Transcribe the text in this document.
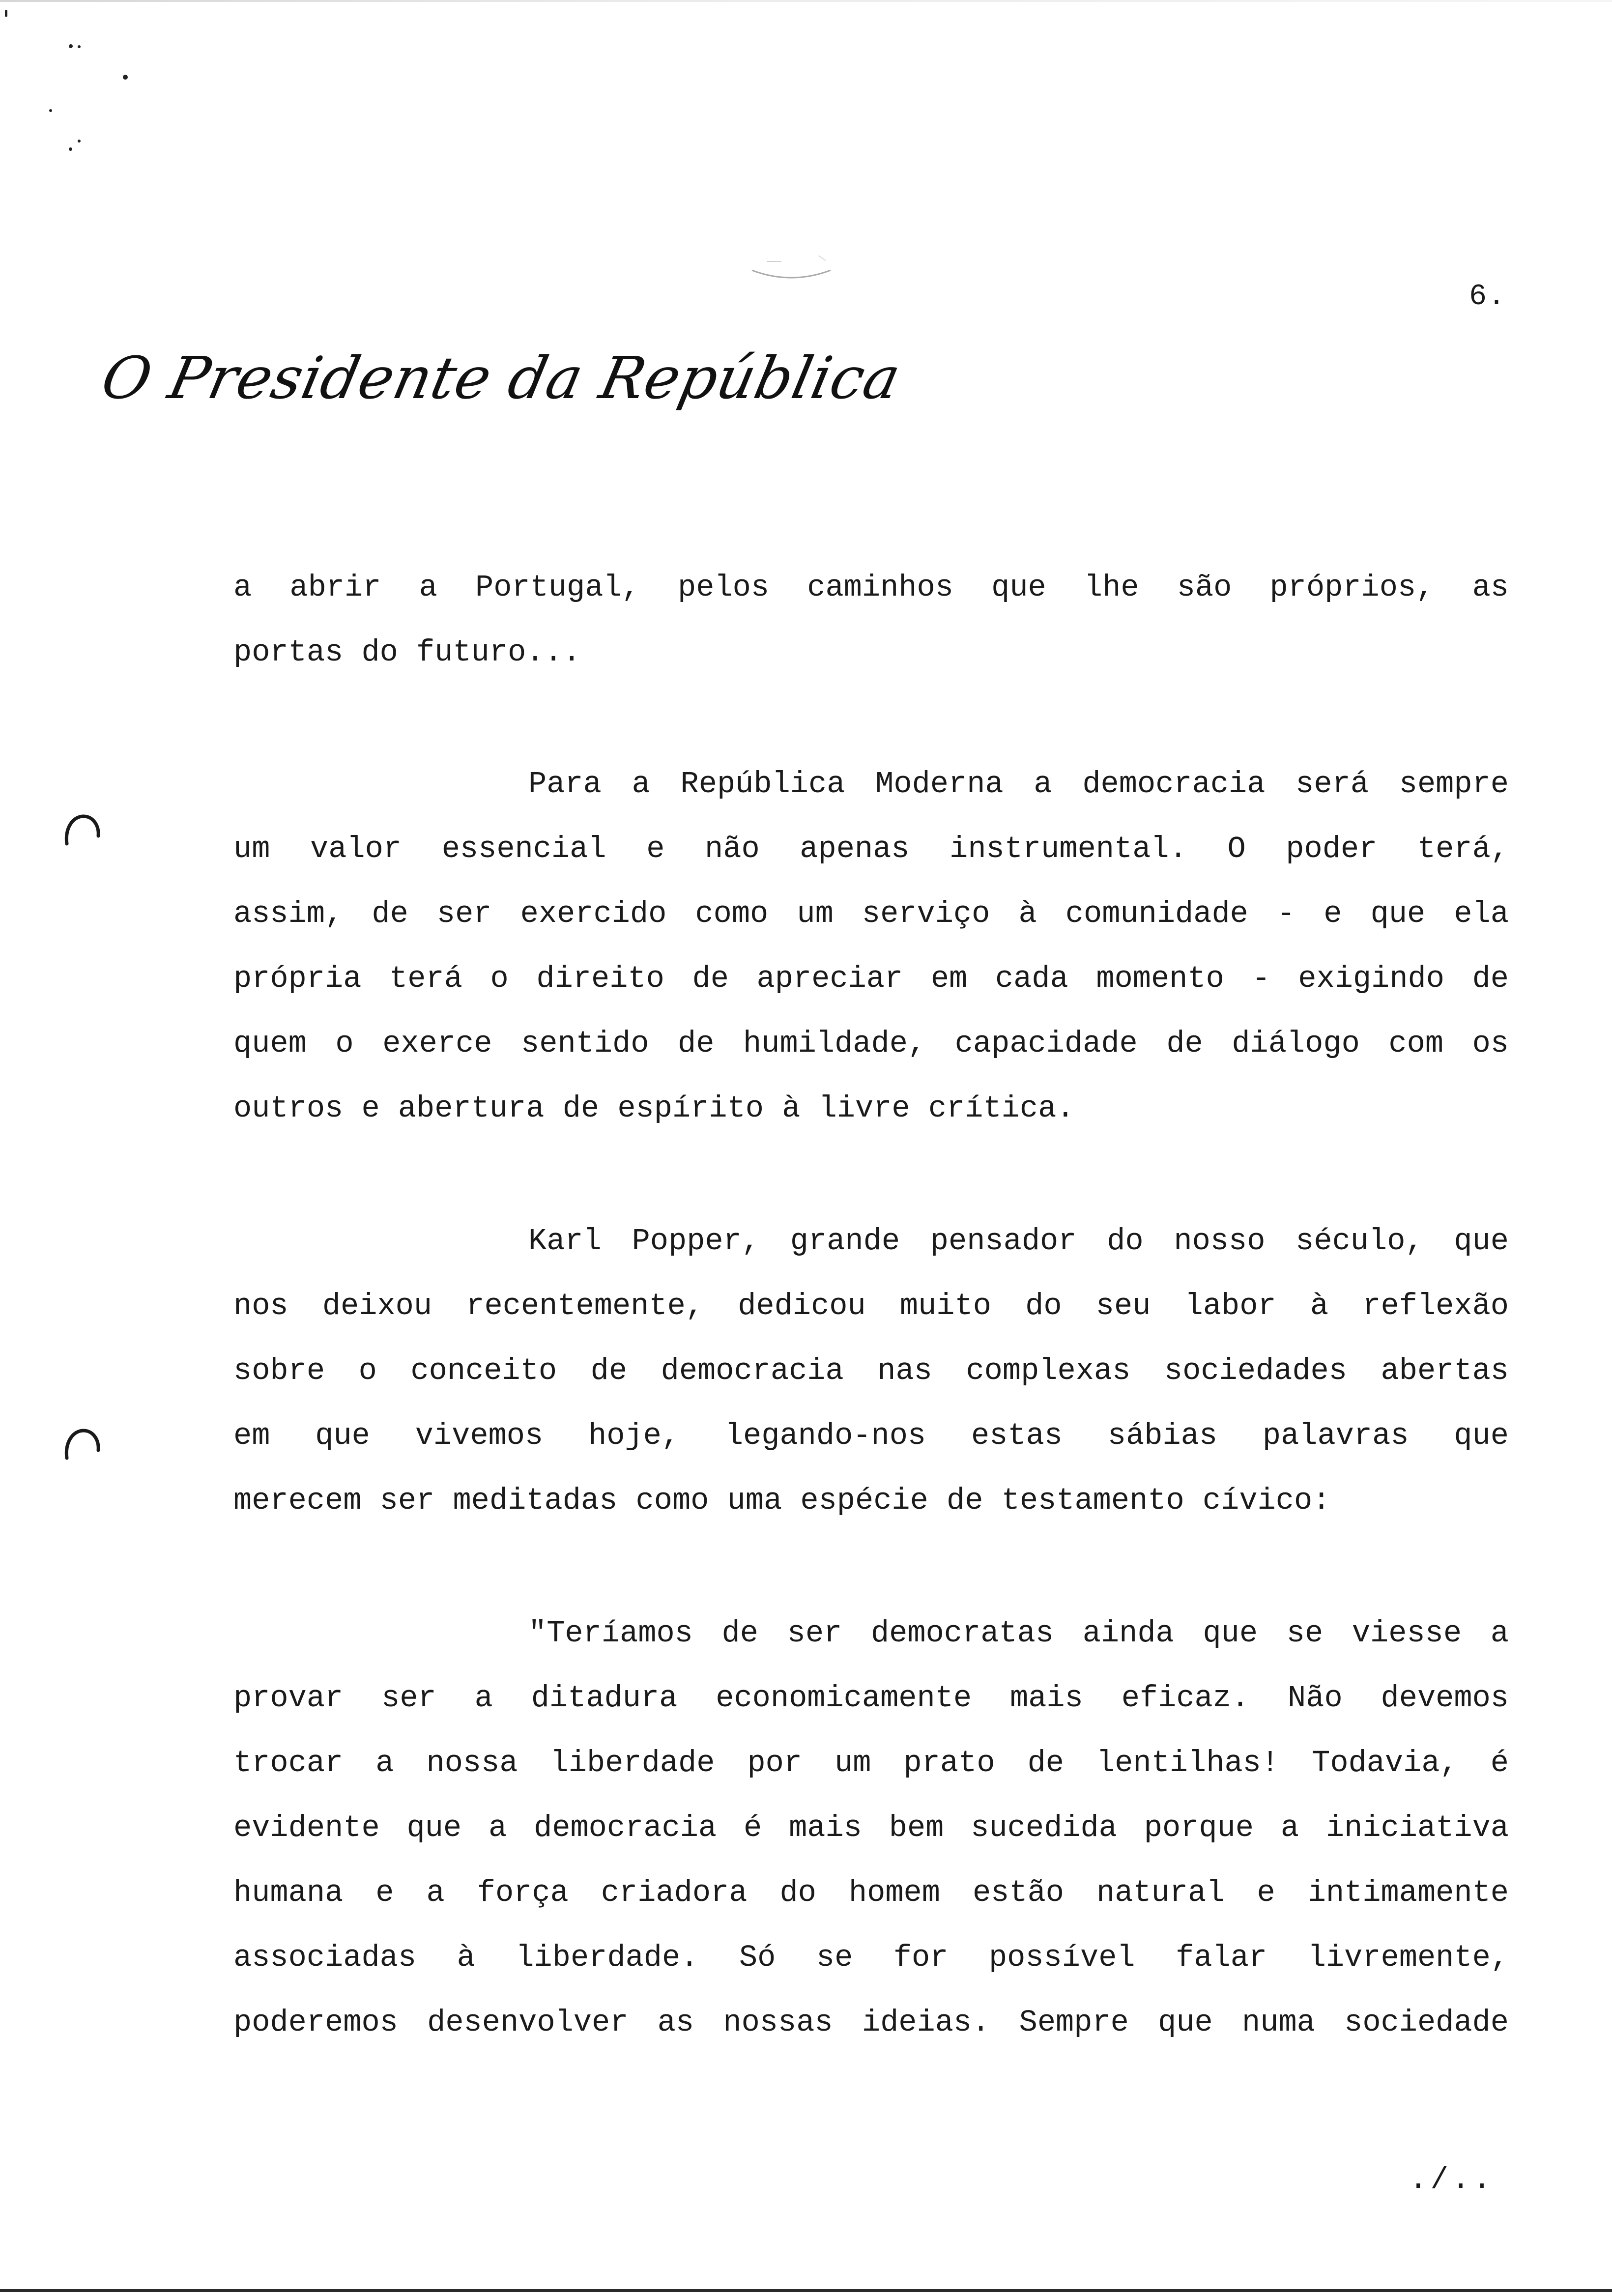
6.
O Presidente da República
a abrir a Portugal, pelos caminhos que lhe são próprios, as
portas do futuro...
Para a República Moderna a democracia será sempre
um valor essencial e não apenas instrumental. O poder terá,
assim, de ser exercido como um serviço à comunidade - e que ela
própria terá o direito de apreciar em cada momento - exigindo de
quem o exerce sentido de humildade, capacidade de diálogo com os
outros e abertura de espírito à livre crítica.
Karl Popper, grande pensador do nosso século, que
nos deixou recentemente, dedicou muito do seu labor à reflexão
sobre o conceito de democracia nas complexas sociedades abertas
em que vivemos hoje, legando-nos estas sábias palavras que
merecem ser meditadas como uma espécie de testamento cívico:
"Teríamos de ser democratas ainda que se viesse a
provar ser a ditadura economicamente mais eficaz. Não devemos
trocar a nossa liberdade por um prato de lentilhas! Todavia, é
evidente que a democracia é mais bem sucedida porque a iniciativa
humana e a força criadora do homem estão natural e intimamente
associadas à liberdade. Só se for possível falar livremente,
poderemos desenvolver as nossas ideias. Sempre que numa sociedade
./..
